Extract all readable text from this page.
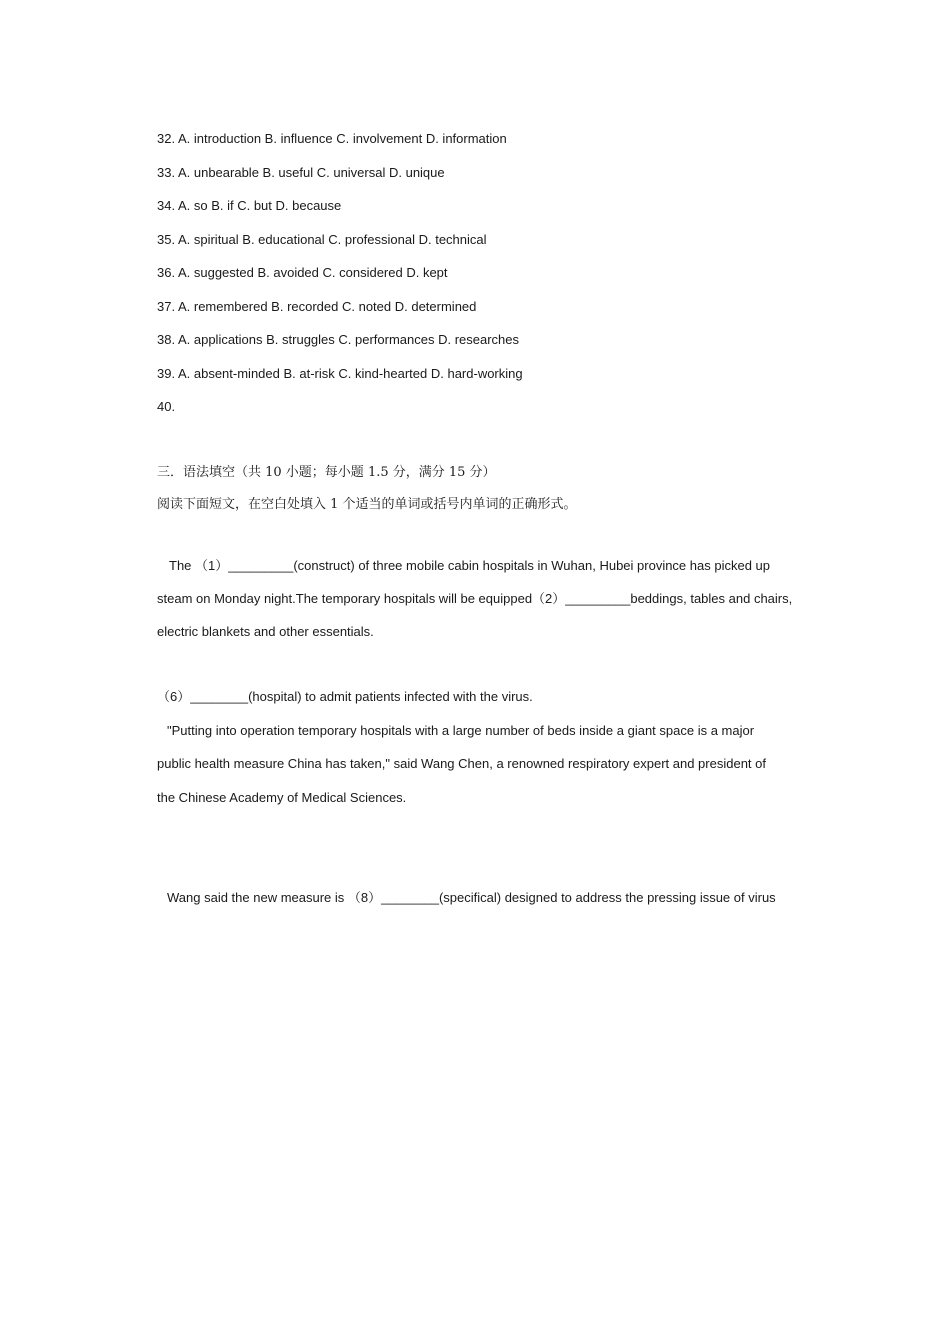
32. A. introduction B. influence C. involvement D. information
33. A. unbearable B. useful C. universal D. unique
34. A. so B. if C. but D. because
35. A. spiritual B. educational C. professional D. technical
36. A. suggested B. avoided C. considered D. kept
37. A. remembered B. recorded C. noted D. determined
38. A. applications B. struggles C. performances D. researches
39. A. absent-minded B. at-risk C. kind-hearted D. hard-working
40.
三．语法填空（共 10 小题；每小题 1.5 分，满分 15 分）
阅读下面短文，在空白处填入 1 个适当的单词或括号内单词的正确形式。
The （1）_________(construct) of three mobile cabin hospitals in Wuhan, Hubei province has picked up
steam on Monday night.The temporary hospitals will be equipped（2）_________beddings, tables and chairs,
electric blankets and other essentials.
（6）________(hospital) to admit patients infected with the virus.
"Putting into operation temporary hospitals with a large number of beds inside a giant space is a major
public health measure China has taken," said Wang Chen, a renowned respiratory expert and president of
the Chinese Academy of Medical Sciences.
Wang said the new measure is （8）________(specifical) designed to address the pressing issue of virus
